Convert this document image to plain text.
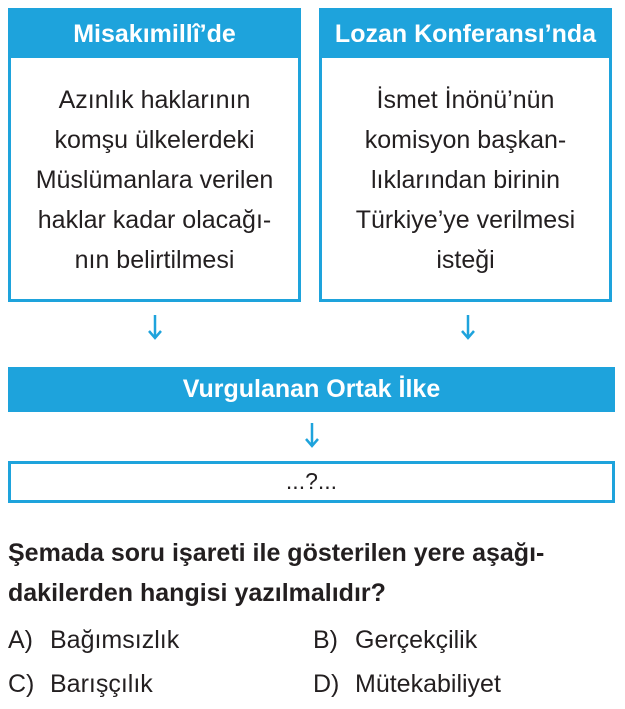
Misakımillî’de
Azınlık haklarının
komşu ülkelerdeki
Müslümanlara verilen
haklar kadar olacağı-
nın belirtilmesi
Lozan Konferansı’nda
İsmet İnönü’nün
komisyon başkan-
lıklarından birinin
Türkiye’ye verilmesi
isteği
Vurgulanan Ortak İlke
...?...
Şemada soru işareti ile gösterilen yere aşağı-
dakilerden hangisi yazılmalıdır?
A) Bağımsızlık	B) Gerçekçilik
C) Barışçılık	D) Mütekabiliyet
